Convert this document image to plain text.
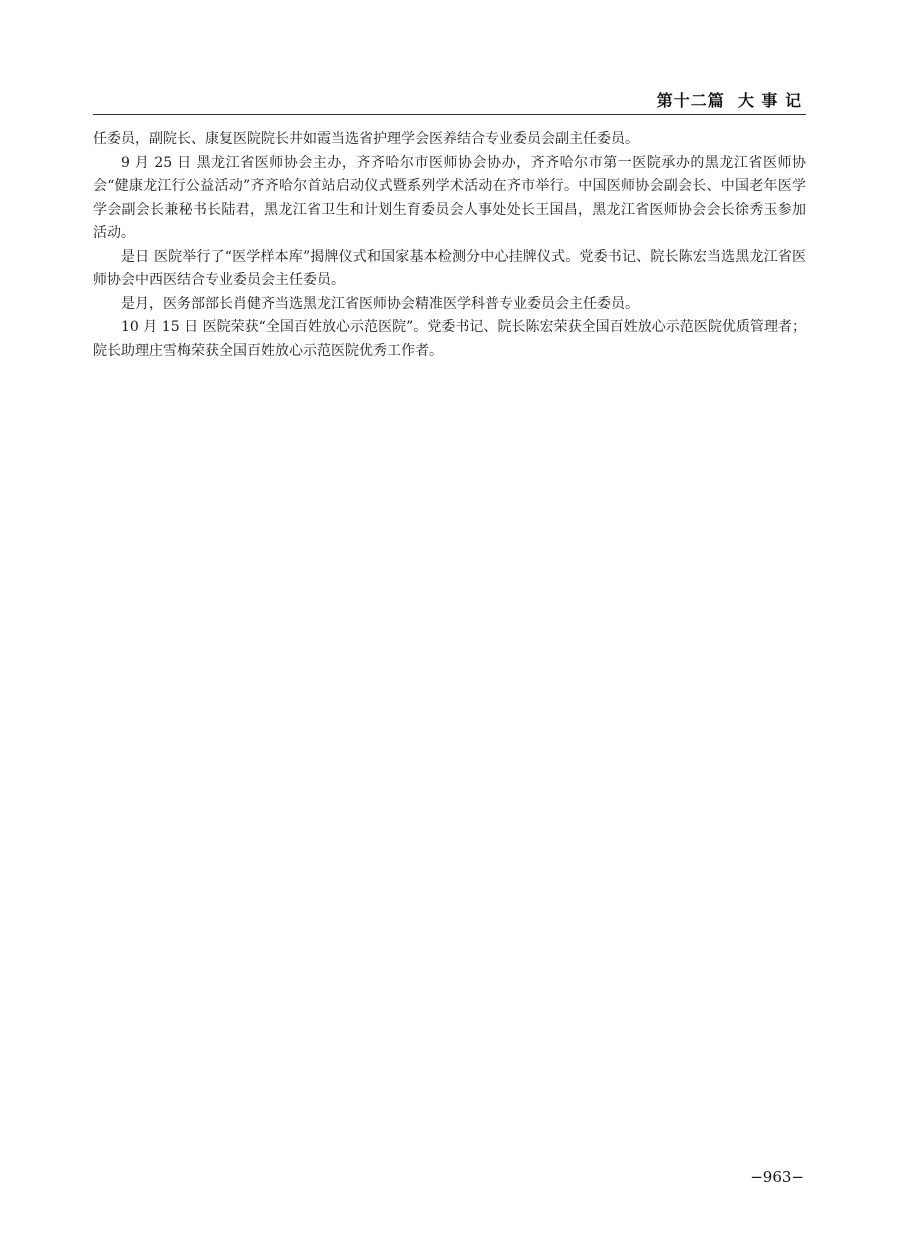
第十二篇  大 事 记

任委员，副院长、康复医院院长井如霞当选省护理学会医养结合专业委员会副主任委员。

9 月 25 日 黑龙江省医师协会主办，齐齐哈尔市医师协会协办，齐齐哈尔市第一医院承办的黑龙江省医师协会“健康龙江行公益活动”齐齐哈尔首站启动仪式暨系列学术活动在齐市举行。中国医师协会副会长、中国老年医学学会副会长兼秘书长陆君，黑龙江省卫生和计划生育委员会人事处处长王国昌，黑龙江省医师协会会长徐秀玉参加活动。

是日 医院举行了“医学样本库”揭牌仪式和国家基本检测分中心挂牌仪式。党委书记、院长陈宏当选黑龙江省医师协会中西医结合专业委员会主任委员。

是月，医务部部长肖健齐当选黑龙江省医师协会精准医学科普专业委员会主任委员。

10 月 15 日 医院荣获“全国百姓放心示范医院”。党委书记、院长陈宏荣获全国百姓放心示范医院优质管理者；院长助理庄雪梅荣获全国百姓放心示范医院优秀工作者。

−963−
